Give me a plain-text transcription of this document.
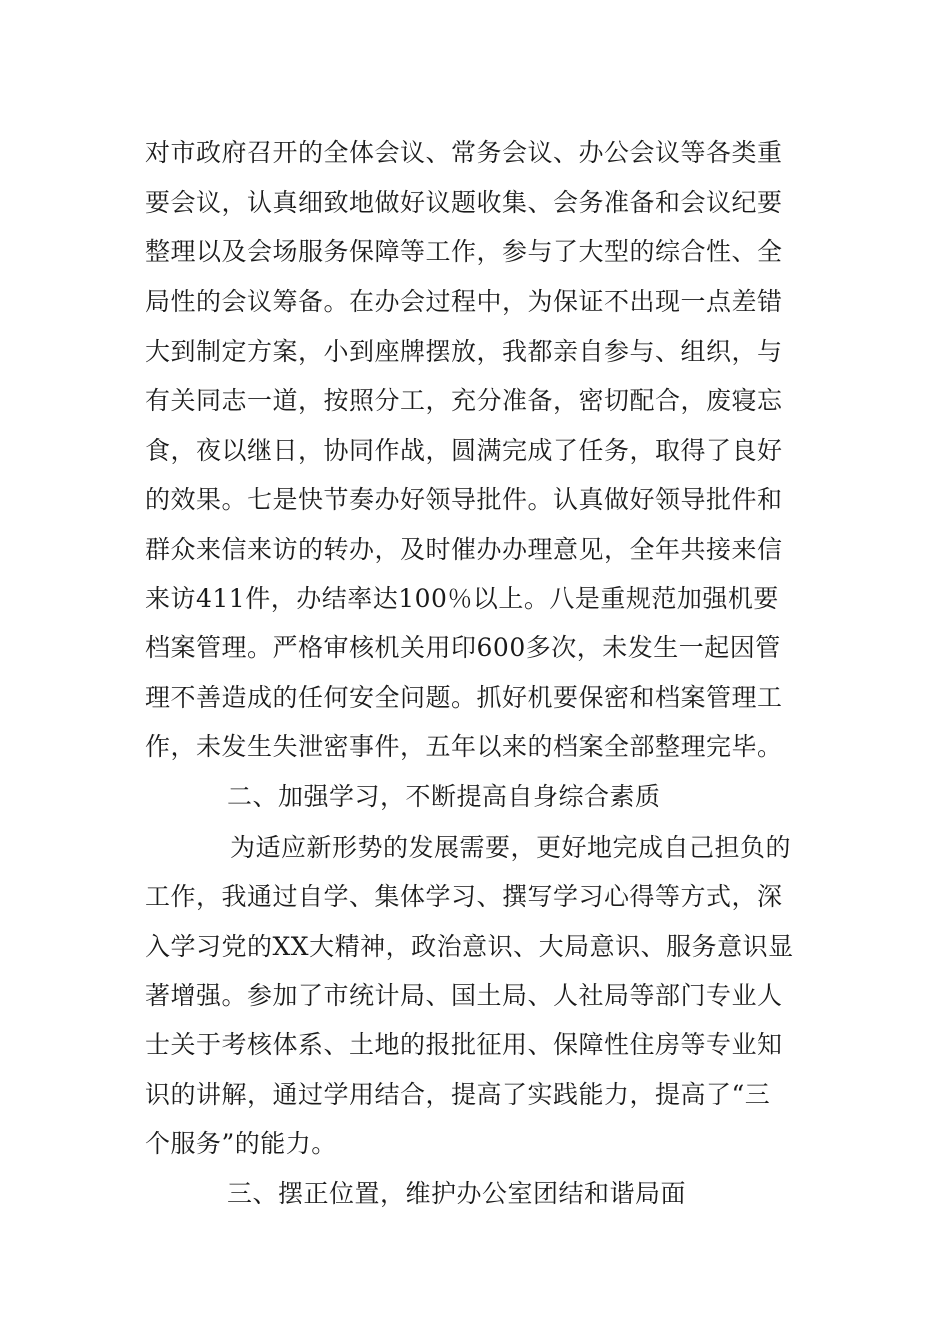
对市政府召开的全体会议、常务会议、办公会议等各类重
要会议，认真细致地做好议题收集、会务准备和会议纪要
整理以及会场服务保障等工作，参与了大型的综合性、全
局性的会议筹备。在办会过程中，为保证不出现一点差错
大到制定方案，小到座牌摆放，我都亲自参与、组织，与
有关同志一道，按照分工，充分准备，密切配合，废寝忘
食，夜以继日，协同作战，圆满完成了任务，取得了良好
的效果。七是快节奏办好领导批件。认真做好领导批件和
群众来信来访的转办，及时催办办理意见，全年共接来信
来访411件，办结率达100％以上。八是重规范加强机要
档案管理。严格审核机关用印600多次，未发生一起因管
理不善造成的任何安全问题。抓好机要保密和档案管理工
作，未发生失泄密事件，五年以来的档案全部整理完毕。
二、加强学习，不断提高自身综合素质
为适应新形势的发展需要，更好地完成自己担负的
工作，我通过自学、集体学习、撰写学习心得等方式，深
入学习党的XX大精神，政治意识、大局意识、服务意识显
著增强。参加了市统计局、国土局、人社局等部门专业人
士关于考核体系、土地的报批征用、保障性住房等专业知
识的讲解，通过学用结合，提高了实践能力，提高了“三
个服务”的能力。
三、摆正位置，维护办公室团结和谐局面
